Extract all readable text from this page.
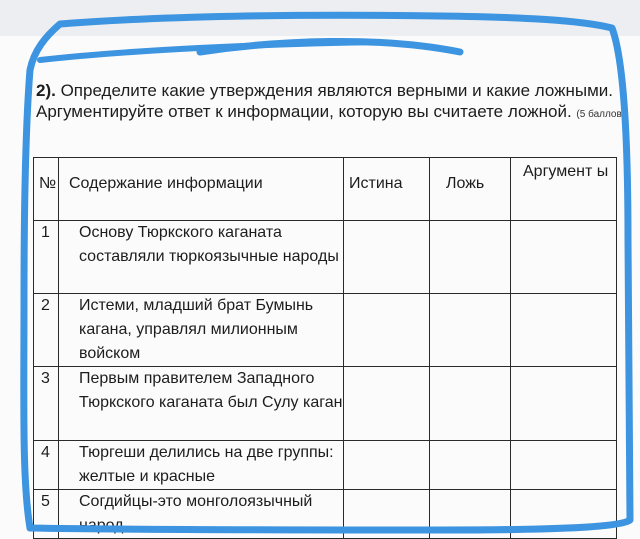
2). Определите какие утверждения являются верными и какие ложными. Аргументируйте ответ к информации, которую вы считаете ложной. (5 баллов)
№	Содержание информации	Истина	Ложь	Аргумент ы
1	Основу Тюркского каганата составляли тюркоязычные народы			
2	Истеми, младший брат Бумынь кагана, управлял милионным войском			
3	Первым правителем Западного Тюркского каганата был Сулу каган			
4	Тюргеши делились на две группы: желтые и красные			
5	Согдийцы-это монголоязычный народ,			
